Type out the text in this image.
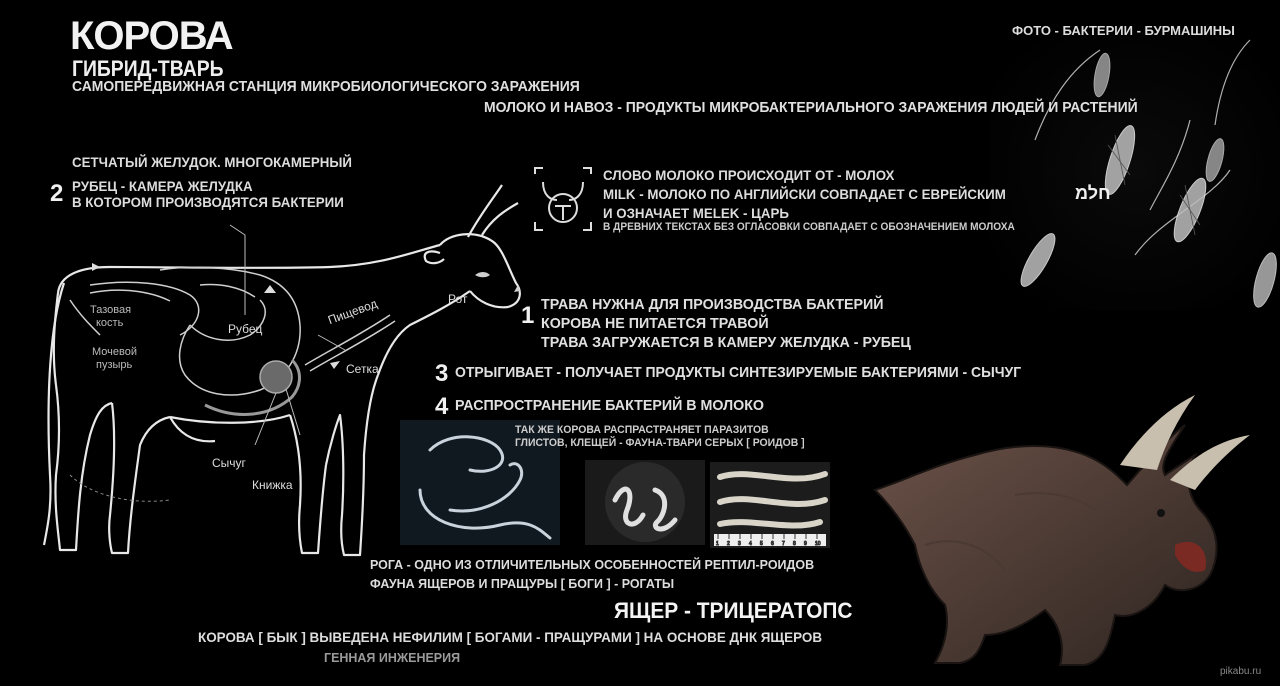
КОРОВА
ГИБРИД-ТВАРЬ
САМОПЕРЕДВИЖНАЯ СТАНЦИЯ МИКРОБИОЛОГИЧЕСКОГО ЗАРАЖЕНИЯ
ФОТО - БАКТЕРИИ - БУРМАШИНЫ
МОЛОКО И НАВОЗ - ПРОДУКТЫ МИКРОБАКТЕРИАЛЬНОГО ЗАРАЖЕНИЯ ЛЮДЕЙ И РАСТЕНИЙ
СЕТЧАТЫЙ ЖЕЛУДОК. МНОГОКАМЕРНЫЙ
2 РУБЕЦ - КАМЕРА ЖЕЛУДКА
В КОТОРОМ ПРОИЗВОДЯТСЯ БАКТЕРИИ
СЛОВО МОЛОКО ПРОИСХОДИТ ОТ - МОЛОХ
MILK - МОЛОКО ПО АНГЛИЙСКИ СОВПАДАЕТ С ЕВРЕЙСКИМ	חלמ
И ОЗНАЧАЕТ MELEK - ЦАРЬ
В ДРЕВНИХ ТЕКСТАХ БЕЗ ОГЛАСОВКИ СОВПАДАЕТ С ОБОЗНАЧЕНИЕМ МОЛОХА
Рот
Пищевод
Сетка
Рубец
Сычуг
Книжка
Тазовая
кость
Мочевой
пузырь
1 ТРАВА НУЖНА ДЛЯ ПРОИЗВОДСТВА БАКТЕРИЙ
КОРОВА НЕ ПИТАЕТСЯ ТРАВОЙ
ТРАВА ЗАГРУЖАЕТСЯ В КАМЕРУ ЖЕЛУДКА - РУБЕЦ
3 ОТРЫГИВАЕТ - ПОЛУЧАЕТ ПРОДУКТЫ СИНТЕЗИРУЕМЫЕ БАКТЕРИЯМИ - СЫЧУГ
4 РАСПРОСТРАНЕНИЕ БАКТЕРИЙ В МОЛОКО
1 2 3 4 5 6 7 8 9 10
ТАК ЖЕ КОРОВА РАСПРАСТРАНЯЕТ ПАРАЗИТОВ
ГЛИСТОВ, КЛЕЩЕЙ - ФАУНА-ТВАРИ СЕРЫХ [ РОИДОВ ]
РОГА - ОДНО ИЗ ОТЛИЧИТЕЛЬНЫХ ОСОБЕННОСТЕЙ РЕПТИЛ-РОИДОВ
ФАУНА ЯЩЕРОВ И ПРАЩУРЫ [ БОГИ ] - РОГАТЫ
ЯЩЕР - ТРИЦЕРАТОПС
КОРОВА [ БЫК ] ВЫВЕДЕНА НЕФИЛИМ [ БОГАМИ - ПРАЩУРАМИ ] НА ОСНОВЕ ДНК ЯЩЕРОВ
ГЕННАЯ ИНЖЕНЕРИЯ
pikabu.ru
